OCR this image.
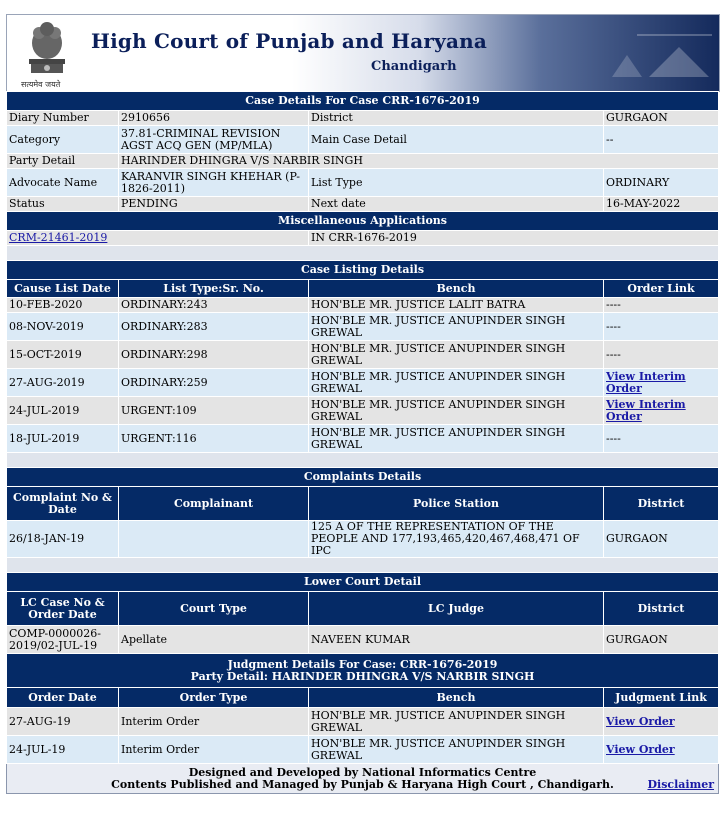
सत्यमेव जयते
High Court of Punjab and Haryana
Chandigarh
Case Details For Case CRR-1676-2019			
Diary Number	2910656	District	GURGAON
Category	37.81-CRIMINAL REVISION AGST ACQ GEN (MP/MLA)	Main Case Detail	--
Party Detail	HARINDER DHINGRA V/S NARBIR SINGH		
Advocate Name	KARANVIR SINGH KHEHAR (P-1826-2011)	List Type	ORDINARY
Status	PENDING	Next date	16-MAY-2022
Miscellaneous Applications			
CRM-21461-2019		IN CRR-1676-2019	

Case Listing Details			
Cause List Date	List Type:Sr. No.	Bench	Order Link
10-FEB-2020	ORDINARY:243	HON'BLE MR. JUSTICE LALIT BATRA	----
08-NOV-2019	ORDINARY:283	HON'BLE MR. JUSTICE ANUPINDER SINGH GREWAL	----
15-OCT-2019	ORDINARY:298	HON'BLE MR. JUSTICE ANUPINDER SINGH GREWAL	----
27-AUG-2019	ORDINARY:259	HON'BLE MR. JUSTICE ANUPINDER SINGH GREWAL	View Interim Order
24-JUL-2019	URGENT:109	HON'BLE MR. JUSTICE ANUPINDER SINGH GREWAL	View Interim Order
18-JUL-2019	URGENT:116	HON'BLE MR. JUSTICE ANUPINDER SINGH GREWAL	----

Complaints Details			
Complaint No & Date	Complainant	Police Station	District
26/18-JAN-19		125 A OF THE REPRESENTATION OF THE PEOPLE AND 177,193,465,420,467,468,471 OF IPC	GURGAON

Lower Court Detail			
LC Case No & Order Date	Court Type	LC Judge	District
COMP-0000026-2019/02-JUL-19	Apellate	NAVEEN KUMAR	GURGAON

Judgment Details For Case: CRR-1676-2019
Party Detail: HARINDER DHINGRA V/S NARBIR SINGH			

Order Date	Order Type	Bench	Judgment Link
27-AUG-19	Interim Order	HON'BLE MR. JUSTICE ANUPINDER SINGH GREWAL	View Order
24-JUL-19	Interim Order	HON'BLE MR. JUSTICE ANUPINDER SINGH GREWAL	View Order

Designed and Developed by National Informatics Centre
Contents Published and Managed by Punjab & Haryana High Court , Chandigarh. Disclaimer			
